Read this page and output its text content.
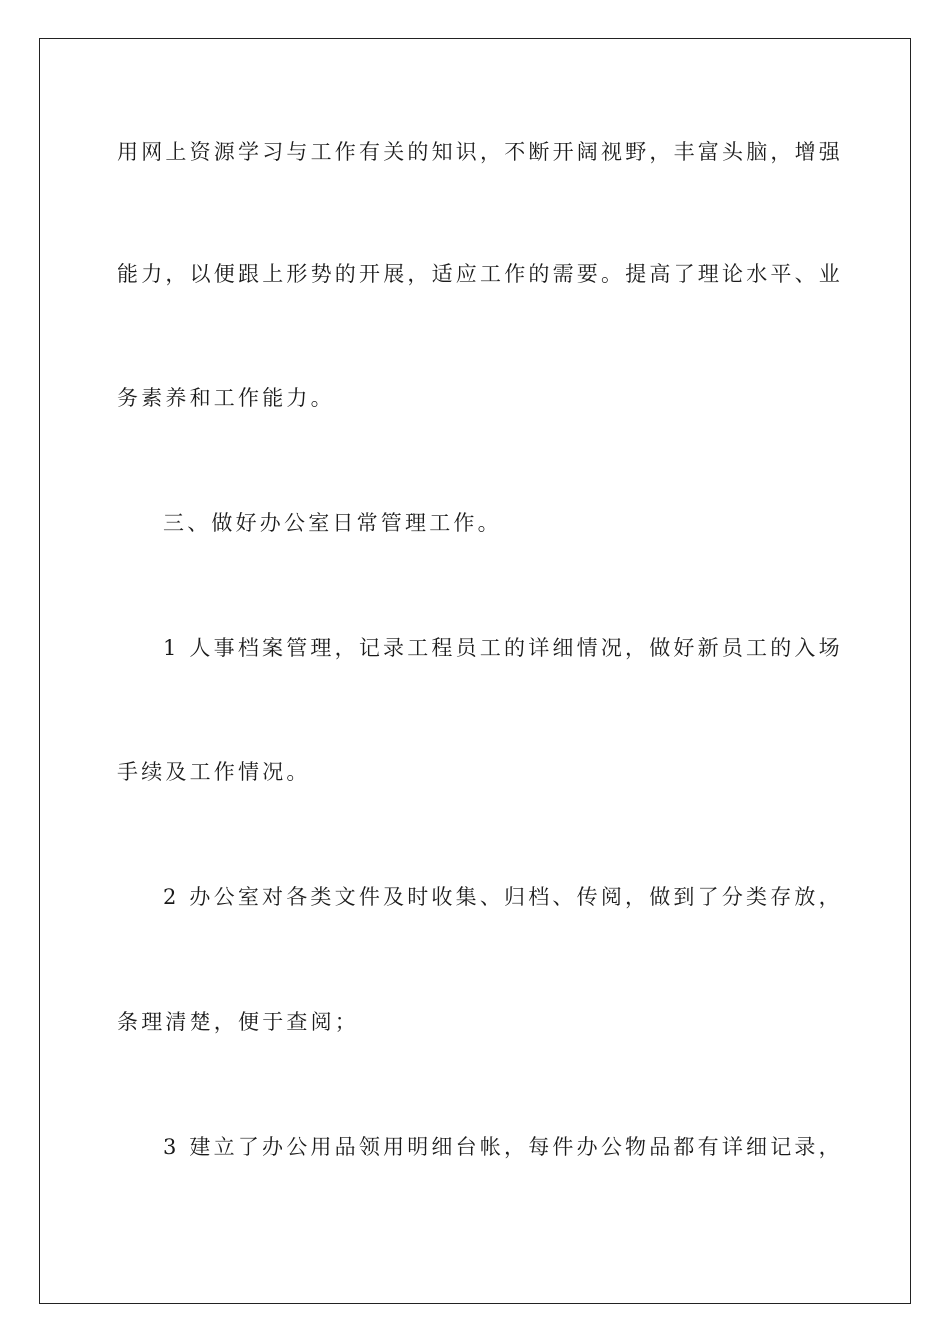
用网上资源学习与工作有关的知识，不断开阔视野，丰富头脑，增强
能力，以便跟上形势的开展，适应工作的需要。提高了理论水平、业
务素养和工作能力。
三、做好办公室日常管理工作。
1 人事档案管理，记录工程员工的详细情况，做好新员工的入场
手续及工作情况。
2 办公室对各类文件及时收集、归档、传阅，做到了分类存放，
条理清楚，便于查阅；
3 建立了办公用品领用明细台帐，每件办公物品都有详细记录，
